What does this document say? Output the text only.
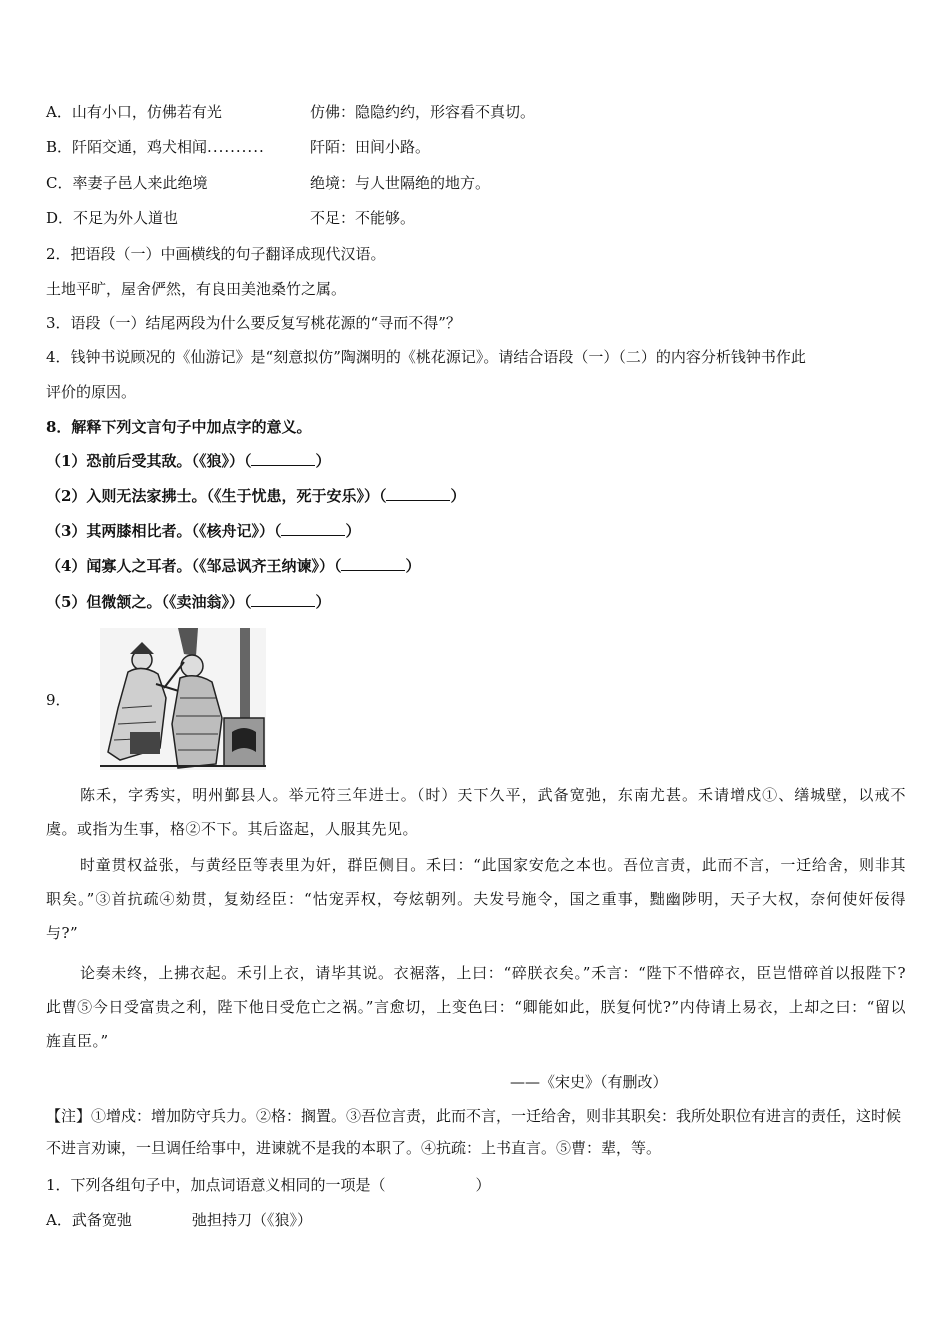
A．山有小口，仿佛若有光	仿佛：隐隐约约，形容看不真切。
B．阡陌交通，鸡犬相闻..........	阡陌：田间小路。
C．率妻子邑人来此绝境	绝境：与人世隔绝的地方。
D．不足为外人道也	不足：不能够。
2．把语段（一）中画横线的句子翻译成现代汉语。
土地平旷，屋舍俨然，有良田美池桑竹之属。
3．语段（一）结尾两段为什么要反复写桃花源的“寻而不得”？
4．钱钟书说顾况的《仙游记》是“刻意拟仿”陶渊明的《桃花源记》。请结合语段（一）（二）的内容分析钱钟书作此
评价的原因。
8．解释下列文言句子中加点字的意义。
（1）恐前后受其敌。（《狼》）（	）
（2）入则无法家拂士。（《生于忧患，死于安乐》）（	）
（3）其两膝相比者。（《核舟记》）（	）
（4）闻寡人之耳者。（《邹忌讽齐王纳谏》）（	）
（5）但微颔之。（《卖油翁》）（	）
9．
陈禾，字秀实，明州鄞县人。举元符三年进士。（时）天下久平，武备宽弛，东南尤甚。禾请增戍①、缮城壁，以戒不虞。或指为生事，格②不下。其后盗起，人服其先见。
时童贯权益张，与黄经臣等表里为奸，群臣侧目。禾曰：“此国家安危之本也。吾位言责，此而不言，一迁给舍，则非其职矣。”③首抗疏④劾贯，复劾经臣：“怙宠弄权，夸炫朝列。夫发号施令，国之重事，黜幽陟明，天子大权，奈何使奸佞得与?”
论奏未终，上拂衣起。禾引上衣，请毕其说。衣裾落，上曰：“碎朕衣矣。”禾言：“陛下不惜碎衣，臣岂惜碎首以报陛下?此曹⑤今日受富贵之利，陛下他日受危亡之祸。”言愈切，上变色曰：“卿能如此，朕复何忧?”内侍请上易衣，上却之曰：“留以旌直臣。”
——《宋史》（有删改）
【注】①增戍：增加防守兵力。②格：搁置。③吾位言责，此而不言，一迁给舍，则非其职矣：我所处职位有进言的责任，这时候不进言劝谏，一旦调任给事中，进谏就不是我的本职了。④抗疏：上书直言。⑤曹：辈，等。
1．下列各组句子中，加点词语意义相同的一项是（	）
A．武备宽弛	弛担持刀（《狼》）
